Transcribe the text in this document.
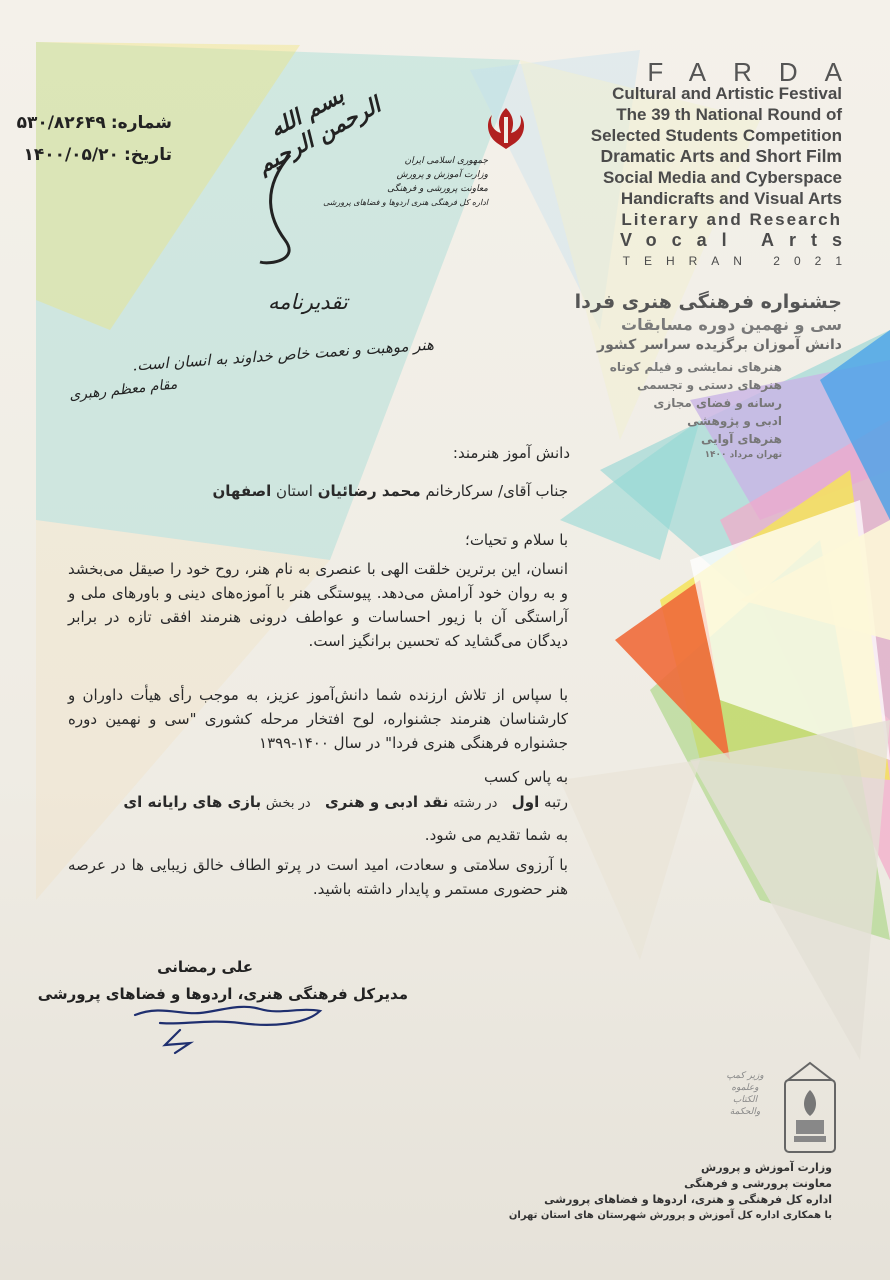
شماره: ۵۳۰/۸۲۶۴۹
تاریخ: ۱۴۰۰/۰۵/۲۰
بسم الله الرحمن الرحیم	جمهوری اسلامی ایران
وزارت آموزش و پرورش
معاونت پرورشی و فرهنگی
اداره کل فرهنگی هنری اردوها و فضاهای پرورشی
تقدیرنامه
هنر موهبت و نعمت خاص خداوند به انسان است.
مقام معظم رهبری
FARDA
Cultural and Artistic Festival
The 39 th National Round of
Selected Students Competition
Dramatic Arts and Short Film
Social Media and Cyberspace
Handicrafts and Visual Arts
Literary and Research
Vocal Arts
TEHRAN 2021
جشنواره فرهنگی هنری فردا
سی و نهمین دوره مسابقات
دانش آموزان برگزیده سراسر کشور
هنرهای نمایشی و فیلم کوتاه
هنرهای دستی و تجسمی
رسانه و فضای مجازی
ادبی و پژوهشی
هنرهای آوایی
تهران مرداد ۱۴۰۰
دانش آموز هنرمند:
جناب آقای/ سرکارخانم محمد رضائیان استان اصفهان
با سلام و تحیات؛

انسان، این برترین خلقت الهی با عنصری به نام هنر، روح خود را صیقل می‌بخشد و به روان خود آرامش می‌دهد. پیوستگی هنر با آموزه‌های دینی و باورهای ملی و آراستگی آن با زیور احساسات و عواطف درونی هنرمند افقی تازه در برابر دیدگان می‌گشاید که تحسین برانگیز است.

با سپاس از تلاش ارزنده شما دانش‌آموز عزیز، به موجب رأی هیأت داوران و کارشناسان هنرمند جشنواره، لوح افتخار مرحله کشوری "سی و نهمین دوره جشنواره فرهنگی هنری فردا" در سال ۱۴۰۰-۱۳۹۹

به پاس کسب
رتبه اول   در رشته نقد ادبی و هنری   در بخش بازی های رایانه ای
به شما تقدیم می شود.

با آرزوی سلامتی و سعادت، امید است در پرتو الطاف خالق زیبایی ها در عرصه هنر حضوری مستمر و پایدار داشته باشید.

علی رمضانی
مدیرکل فرهنگی هنری، اردوها و فضاهای پرورشی
وزیر کمپ
وعلموه
الکتاب
والحکمة
وزارت آموزش و پرورش
معاونت پرورشی و فرهنگی
اداره کل فرهنگی و هنری، اردوها و فضاهای پرورشی
با همکاری اداره کل آموزش و پرورش شهرستان های استان تهران
